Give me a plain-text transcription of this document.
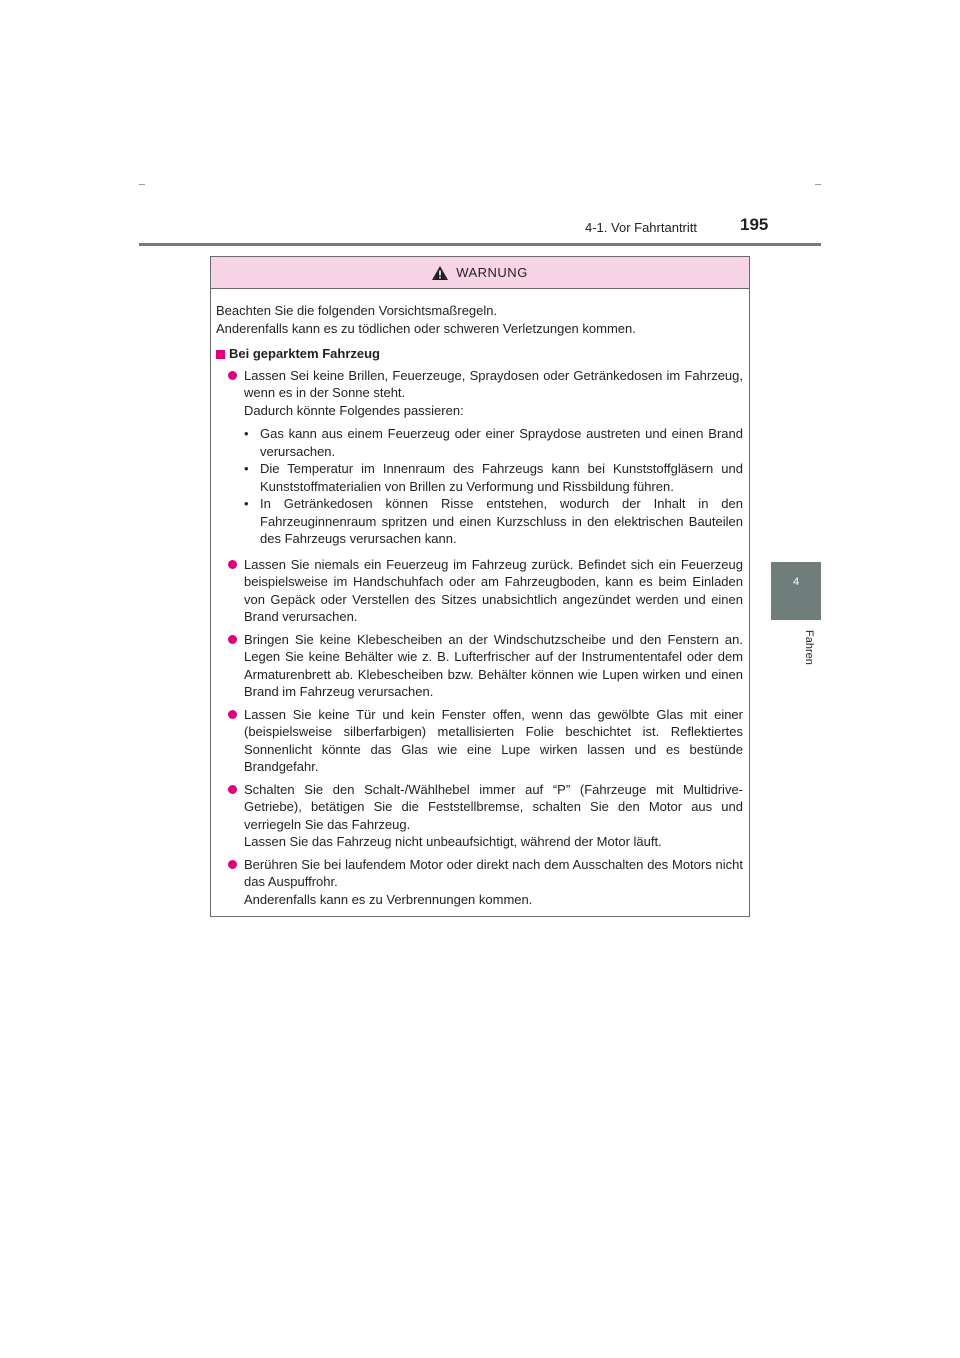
4-1. Vor Fahrtantritt	195
4
Fahren
WARNUNG

Beachten Sie die folgenden Vorsichtsmaßregeln.

Anderenfalls kann es zu tödlichen oder schweren Verletzungen kommen.

Bei geparktem Fahrzeug

Lassen Sei keine Brillen, Feuerzeuge, Spraydosen oder Getränkedosen im Fahrzeug, wenn es in der Sonne steht.

Dadurch könnte Folgendes passieren:

• Gas kann aus einem Feuerzeug oder einer Spraydose austreten und einen Brand verursachen.
• Die Temperatur im Innenraum des Fahrzeugs kann bei Kunststoffgläsern und Kunststoffmaterialien von Brillen zu Verformung und Rissbildung führen.
• In Getränkedosen können Risse entstehen, wodurch der Inhalt in den Fahrzeuginnenraum spritzen und einen Kurzschluss in den elektrischen Bauteilen des Fahrzeugs verursachen kann.

Lassen Sie niemals ein Feuerzeug im Fahrzeug zurück. Befindet sich ein Feuerzeug beispielsweise im Handschuhfach oder am Fahrzeugboden, kann es beim Einladen von Gepäck oder Verstellen des Sitzes unabsichtlich angezündet werden und einen Brand verursachen.

Bringen Sie keine Klebescheiben an der Windschutzscheibe und den Fenstern an. Legen Sie keine Behälter wie z. B. Lufterfrischer auf der Instrumententafel oder dem Armaturenbrett ab. Klebescheiben bzw. Behälter können wie Lupen wirken und einen Brand im Fahrzeug verursachen.

Lassen Sie keine Tür und kein Fenster offen, wenn das gewölbte Glas mit einer (beispielsweise silberfarbigen) metallisierten Folie beschichtet ist. Reflektiertes Sonnenlicht könnte das Glas wie eine Lupe wirken lassen und es bestünde Brandgefahr.

Schalten Sie den Schalt-/Wählhebel immer auf “P” (Fahrzeuge mit Multidrive-Getriebe), betätigen Sie die Feststellbremse, schalten Sie den Motor aus und verriegeln Sie das Fahrzeug.

Lassen Sie das Fahrzeug nicht unbeaufsichtigt, während der Motor läuft.

Berühren Sie bei laufendem Motor oder direkt nach dem Ausschalten des Motors nicht das Auspuffrohr.

Anderenfalls kann es zu Verbrennungen kommen.
